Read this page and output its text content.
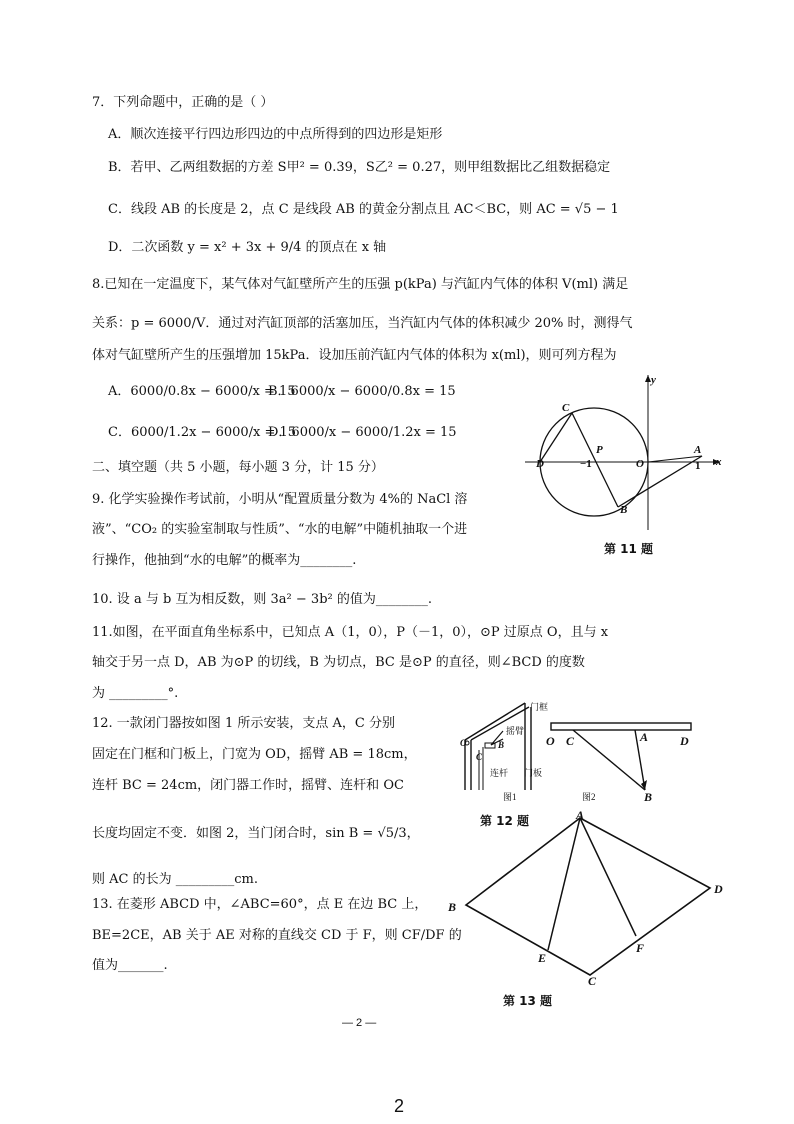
7．下列命题中，正确的是（ ）
A．顺次连接平行四边形四边的中点所得到的四边形是矩形
B．若甲、乙两组数据的方差 S甲² = 0.39，S乙² = 0.27，则甲组数据比乙组数据稳定
C．线段 AB 的长度是 2，点 C 是线段 AB 的黄金分割点且 AC＜BC，则 AC = √5 − 1
D．二次函数 y = x² + 3x + 9/4 的顶点在 x 轴
8.已知在一定温度下，某气体对气缸壁所产生的压强 p(kPa) 与汽缸内气体的体积 V(ml) 满足
关系：p = 6000/V．通过对汽缸顶部的活塞加压，当汽缸内气体的体积减少 20% 时，测得气
体对气缸壁所产生的压强增加 15kPa．设加压前汽缸内气体的体积为 x(ml)，则可列方程为
A．6000/0.8x − 6000/x = 15
B．6000/x − 6000/0.8x = 15
C．6000/1.2x − 6000/x = 15
D．6000/x − 6000/1.2x = 15
二、填空题（共 5 小题，每小题 3 分，计 15 分）
9. 化学实验操作考试前，小明从“配置质量分数为 4%的 NaCl 溶
液”、“CO₂ 的实验室制取与性质”、“水的电解”中随机抽取一个进
行操作，他抽到“水的电解”的概率为________.
10. 设 a 与 b 互为相反数，则 3a² − 3b² 的值为________.
11.如图，在平面直角坐标系中，已知点 A（1，0），P（－1，0），⊙P 过原点 O，且与 x
轴交于另一点 D，AB 为⊙P 的切线，B 为切点，BC 是⊙P 的直径，则∠BCD 的度数
为 _________°.
12. 一款闭门器按如图 1 所示安装，支点 A，C 分别
固定在门框和门板上，门宽为 OD，摇臂 AB = 18cm，
连杆 BC = 24cm，闭门器工作时，摇臂、连杆和 OC
长度均固定不变．如图 2，当门闭合时，sin B = √5/3，
则 AC 的长为 _________cm.
13. 在菱形 ABCD 中，∠ABC=60°，点 E 在边 BC 上，
BE=2CE，AB 关于 AE 对称的直线交 CD 于 F，则 CF/DF 的
值为_______.
y
x
C
P
D	−1	O
A
1
B
第 11 题
门框
摇臂
连杆 门板
O
C
B
图1
O C	A	D
B
图2
第 12 题	A
B
D
E
F
C
第 13 题
— 2 —
2
